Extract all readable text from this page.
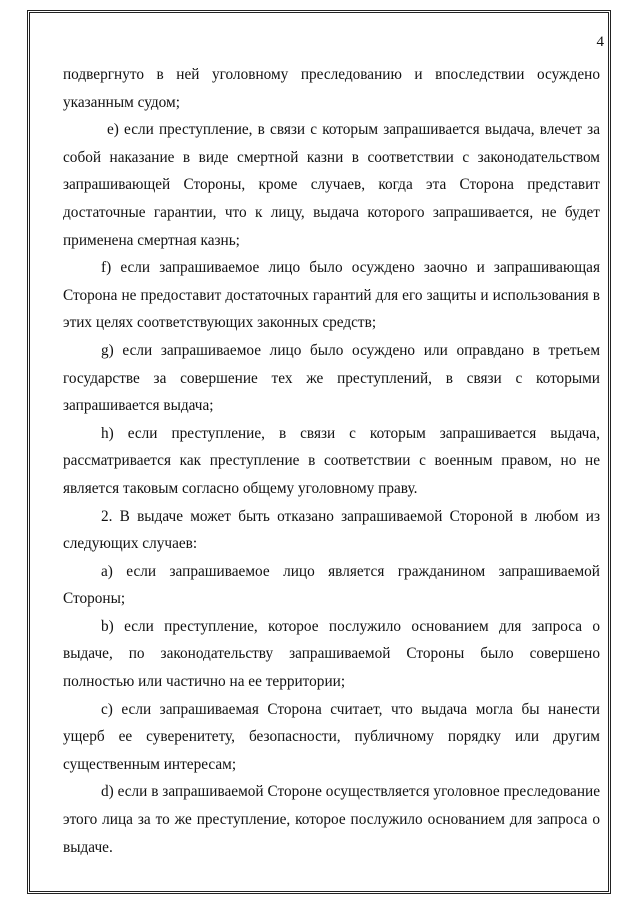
4

подвергнуто в ней уголовному преследованию и впоследствии осуждено указанным судом;

е) если преступление, в связи с которым запрашивается выдача, влечет за собой наказание в виде смертной казни в соответствии с законодательством запрашивающей Стороны, кроме случаев, когда эта Сторона представит достаточные гарантии, что к лицу, выдача которого запрашивается, не будет применена смертная казнь;

f) если запрашиваемое лицо было осуждено заочно и запрашивающая Сторона не предоставит достаточных гарантий для его защиты и использования в этих целях соответствующих законных средств;

g) если запрашиваемое лицо было осуждено или оправдано в третьем государстве за совершение тех же преступлений, в связи с которыми запрашивается выдача;

h) если преступление, в связи с которым запрашивается выдача, рассматривается как преступление в соответствии с военным правом, но не является таковым согласно общему уголовному праву.

2. В выдаче может быть отказано запрашиваемой Стороной в любом из следующих случаев:

a) если запрашиваемое лицо является гражданином запрашиваемой Стороны;

b) если преступление, которое послужило основанием для запроса о выдаче, по законодательству запрашиваемой Стороны было совершено полностью или частично на ее территории;

c) если запрашиваемая Сторона считает, что выдача могла бы нанести ущерб ее суверенитету, безопасности, публичному порядку или другим существенным интересам;

d) если в запрашиваемой Стороне осуществляется уголовное преследование этого лица за то же преступление, которое послужило основанием для запроса о выдаче.
